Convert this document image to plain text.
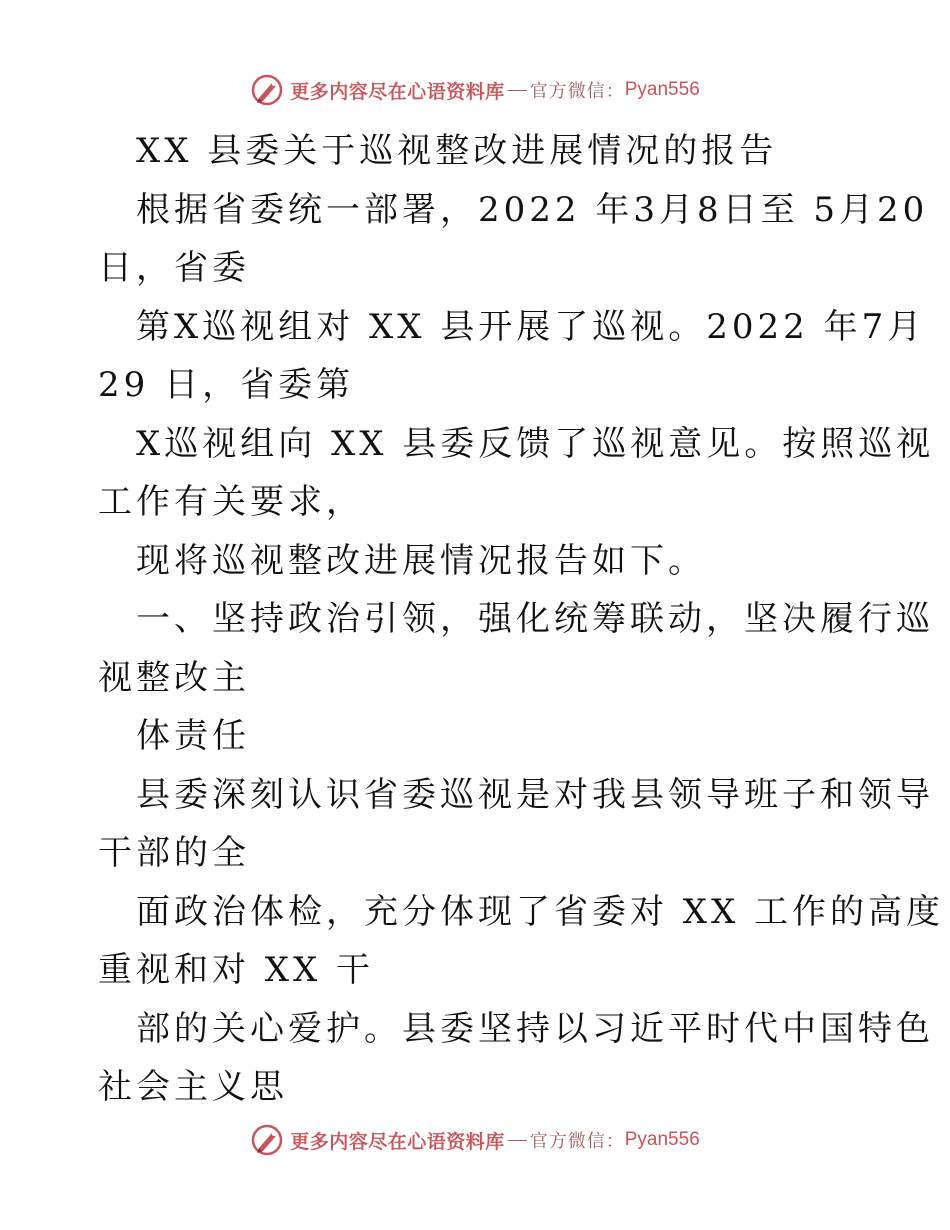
更多内容尽在心语资料库 — 官方微信： Pyan556
XX 县委关于巡视整改进展情况的报告
根据省委统一部署，2022 年3月8日至 5月20
日，省委
第X巡视组对 XX 县开展了巡视。2022 年7月
29 日，省委第
X巡视组向 XX 县委反馈了巡视意见。按照巡视
工作有关要求，
现将巡视整改进展情况报告如下。
一、坚持政治引领，强化统筹联动，坚决履行巡
视整改主
体责任
县委深刻认识省委巡视是对我县领导班子和领导
干部的全
面政治体检，充分体现了省委对 XX 工作的高度
重视和对 XX 干
部的关心爱护。县委坚持以习近平时代中国特色
社会主义思
更多内容尽在心语资料库 — 官方微信： Pyan556
